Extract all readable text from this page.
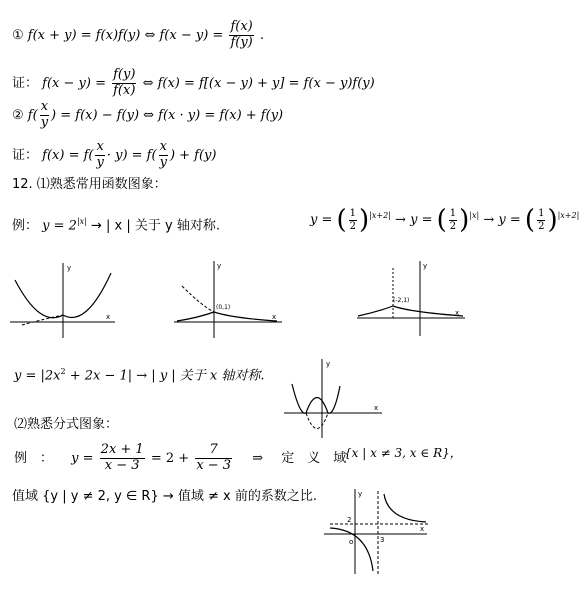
① f(x + y) = f(x)f(y) ⇔ $f(x - y) = \frac{f(x)}{f(y)}$ .
证： $f(x - y) = \frac{f(y)}{f(x)}$ ⇔ f(x) = f[(x − y) + y] = f(x − y)f(y)
② $f( \frac{x}{y}$ ) = f(x) − f(y) ⇔ f(x · y) = f(x) + f(y)
证： $f(x) = f( \frac{x}{y} \cdot y) = f( \frac{x}{y}$ ) + f(y)
12. ⑴熟悉常用函数图象：
例： $y = 2^{|x|}$ → | x | 关于 y 轴对称.	y = ( $\frac{1}{2} )^{|x+2|} \to y$ = ( $\frac{1}{2} )^{|x|} \to y$ = ( $\frac{1}{2} )^{|x+2|}$
x
y
x
y
(0,1)
x
y
(-2,1)
$y = |2x^2 + 2x - 1|$ → | y | 关于 x 轴对称.
x
y
⑵熟悉分式图象：
例　： $y = \frac{2x + 1}{x - 3} = 2 + \frac{7}{x - 3}$ ⇒ 定　义　域
{x | x ≠ 3, x ∈ R}，
值域 {y | y ≠ 2, y ∈ R} → 值域 ≠ x 前的系数之比.
x
y
o
2
3
